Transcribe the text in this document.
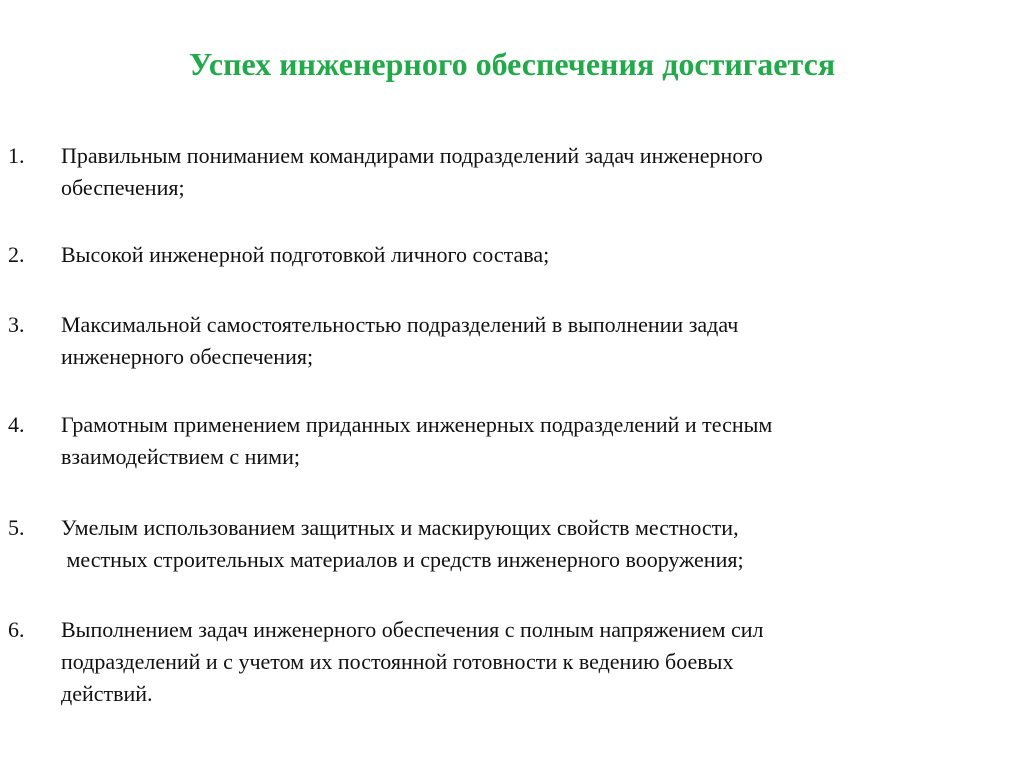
Успех инженерного обеспечения достигается
1. Правильным пониманием командирами подразделений задач инженерного
обеспечения;
2. Высокой инженерной подготовкой личного состава;
3. Максимальной самостоятельностью подразделений в выполнении задач
инженерного обеспечения;
4. Грамотным применением приданных инженерных подразделений и тесным
взаимодействием с ними;
5. Умелым использованием защитных и маскирующих свойств местности,
местных строительных материалов и средств инженерного вооружения;
6. Выполнением задач инженерного обеспечения с полным напряжением сил
подразделений и с учетом их постоянной готовности к ведению боевых
действий.
